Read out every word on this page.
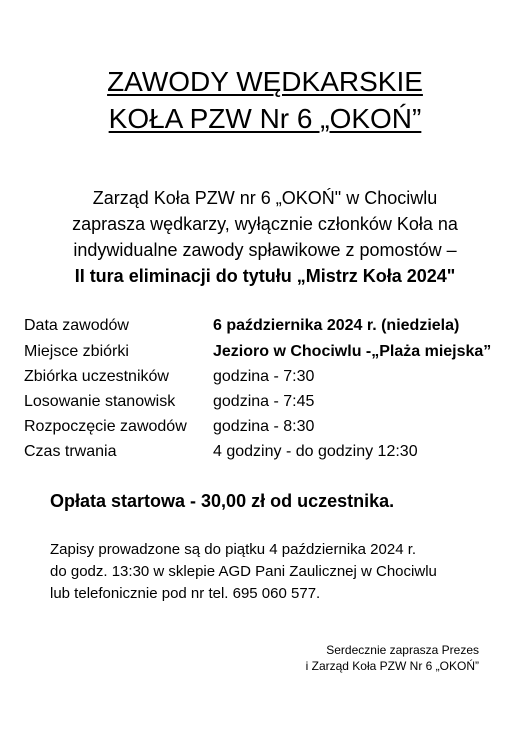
ZAWODY WĘDKARSKIE
KOŁA PZW Nr 6 „OKOŃ”
Zarząd Koła PZW nr 6 „OKOŃ" w Chociwlu
zaprasza wędkarzy, wyłącznie członków Koła na
indywidualne zawody spławikowe z pomostów –
II tura eliminacji do tytułu „Mistrz Koła 2024"
Data zawodów	6 października 2024 r. (niedziela)
Miejsce zbiórki	Jezioro w Chociwlu -„Plaża miejska”
Zbiórka uczestników	godzina - 7:30
Losowanie stanowisk	godzina - 7:45
Rozpoczęcie zawodów	godzina - 8:30
Czas trwania	4 godziny - do godziny 12:30
Opłata startowa - 30,00 zł od uczestnika.
Zapisy prowadzone są do piątku 4 października 2024 r.
do godz. 13:30 w sklepie AGD Pani Zaulicznej w Chociwlu
lub telefonicznie pod nr tel. 695 060 577.
Serdecznie zaprasza Prezes
i Zarząd Koła PZW Nr 6 „OKOŃ”
